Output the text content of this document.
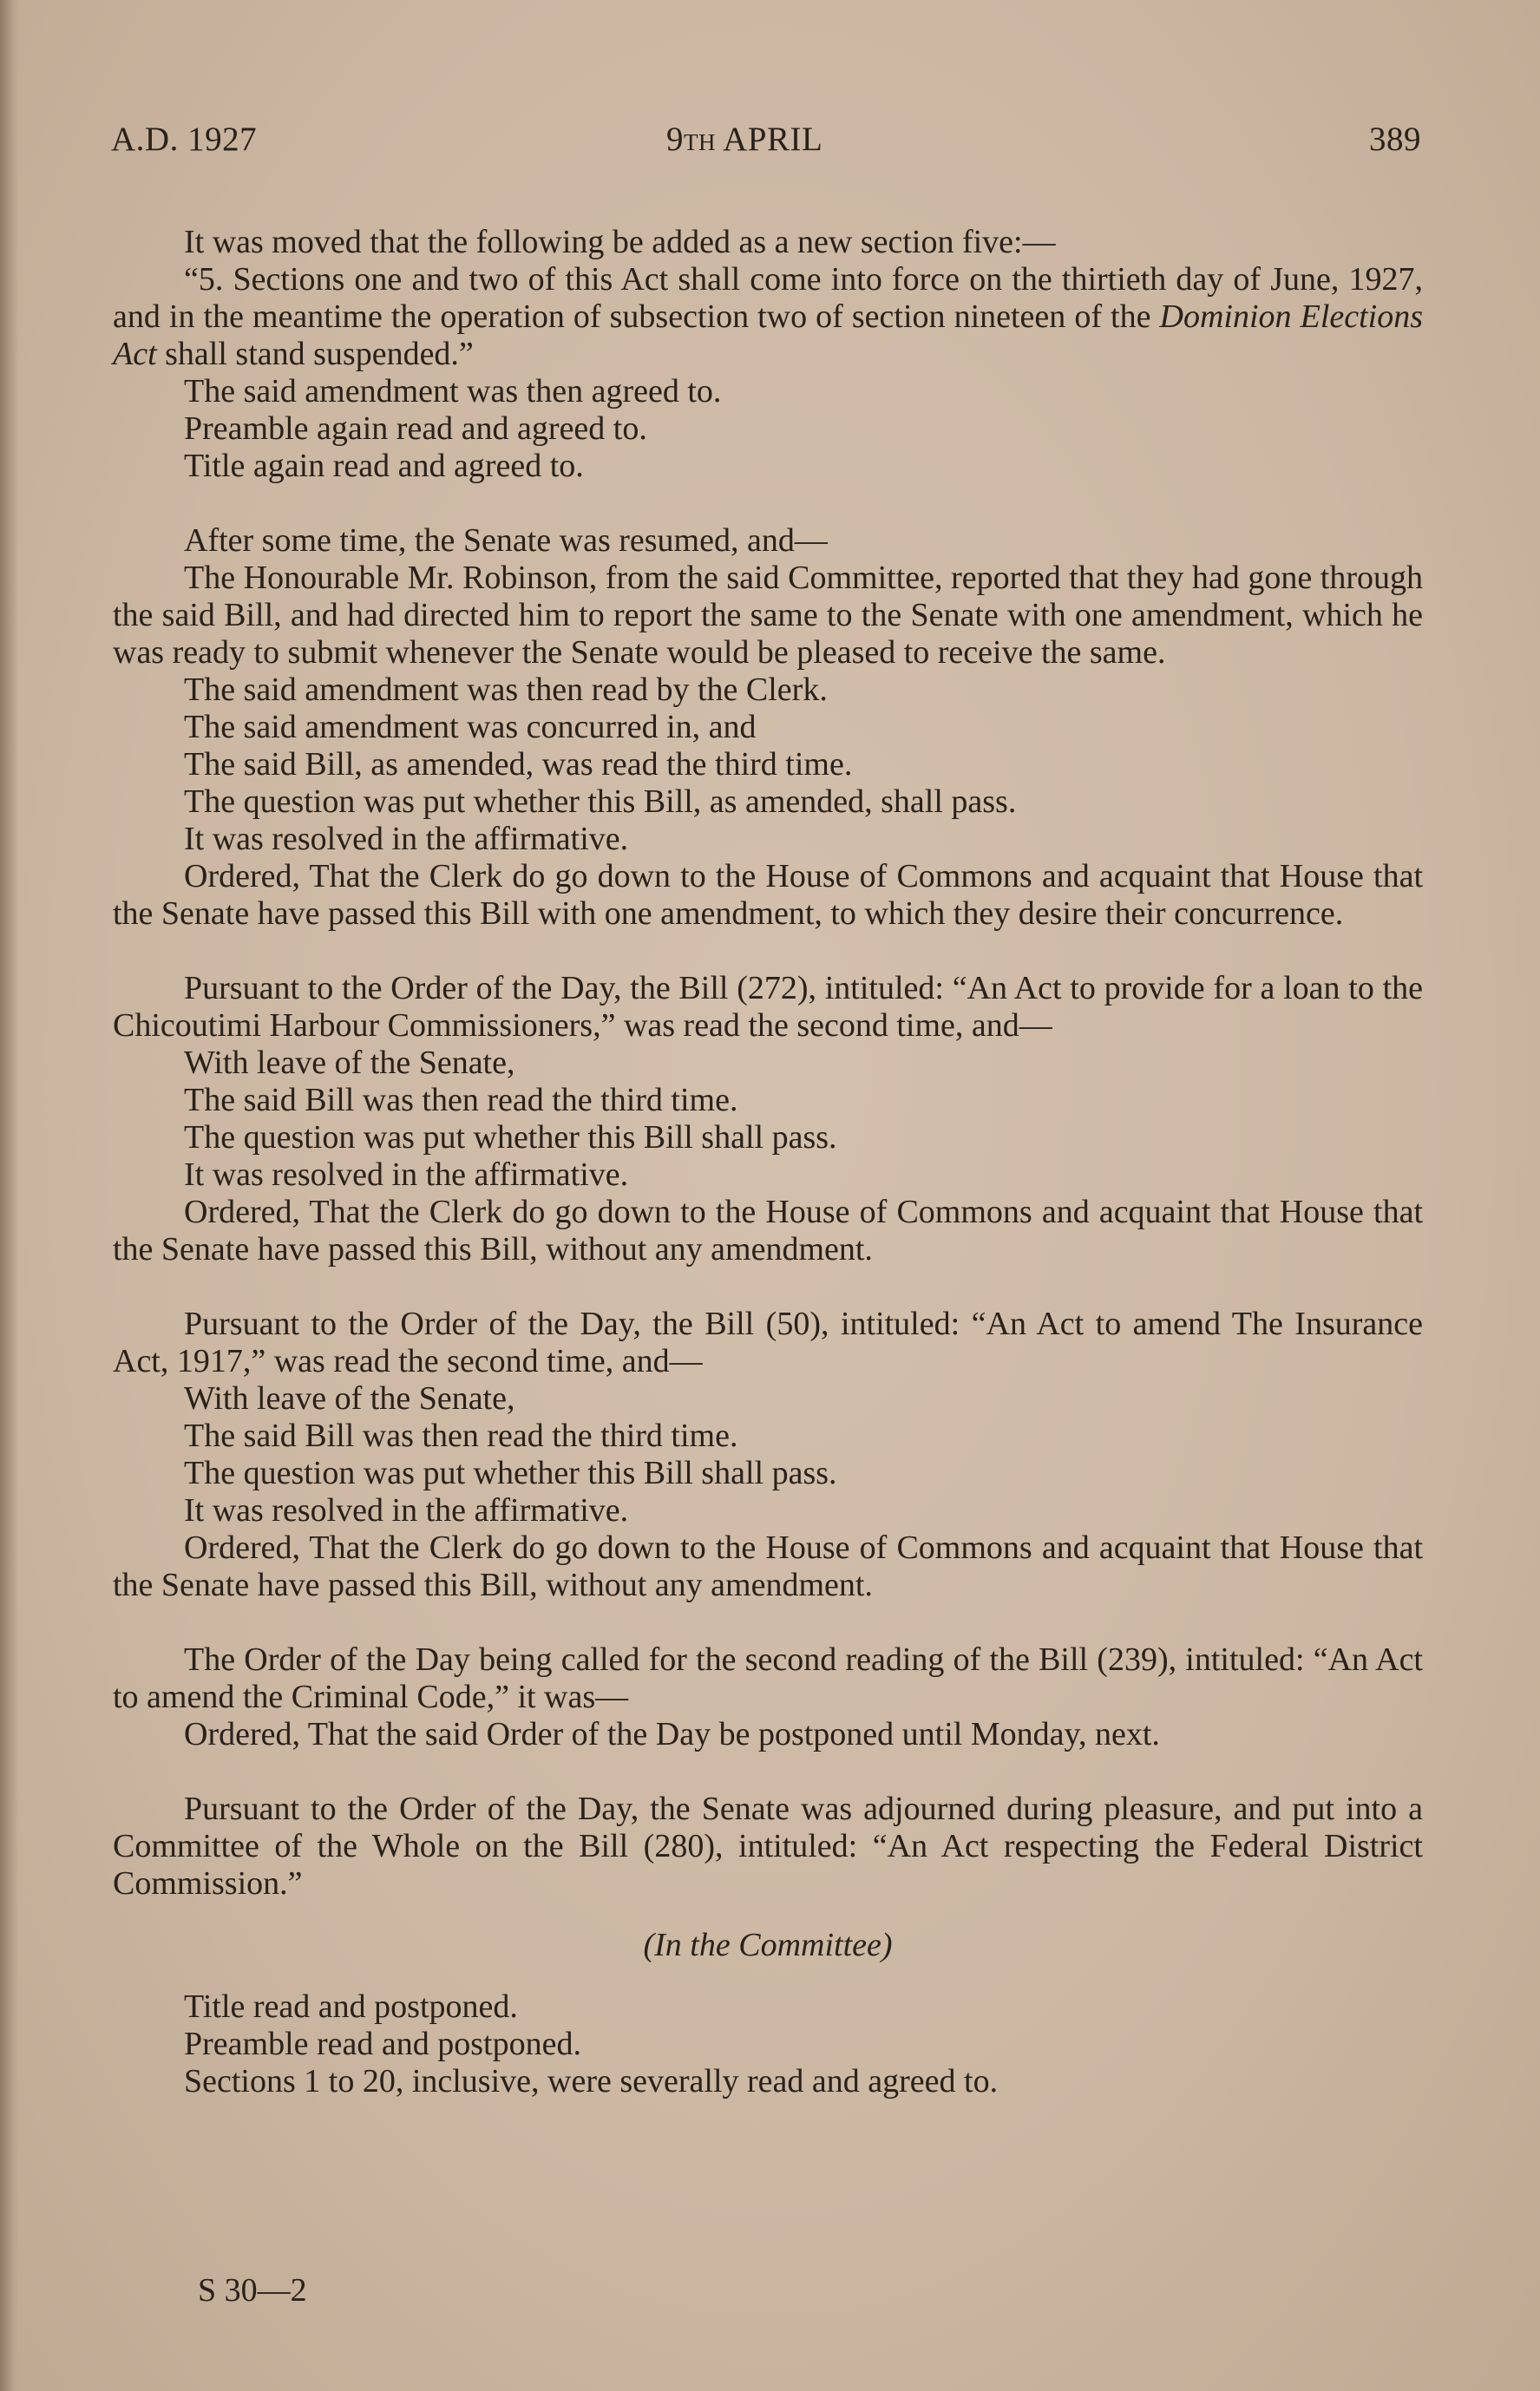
A.D. 1927	9th APRIL	389

It was moved that the following be added as a new section five:—

“5. Sections one and two of this Act shall come into force on the thirtieth day of June, 1927, and in the meantime the operation of subsection two of section nineteen of the Dominion Elections Act shall stand suspended.”

The said amendment was then agreed to.

Preamble again read and agreed to.

Title again read and agreed to.

After some time, the Senate was resumed, and—

The Honourable Mr. Robinson, from the said Committee, reported that they had gone through the said Bill, and had directed him to report the same to the Senate with one amendment, which he was ready to submit whenever the Senate would be pleased to receive the same.

The said amendment was then read by the Clerk.

The said amendment was concurred in, and

The said Bill, as amended, was read the third time.

The question was put whether this Bill, as amended, shall pass.

It was resolved in the affirmative.

Ordered, That the Clerk do go down to the House of Commons and acquaint that House that the Senate have passed this Bill with one amendment, to which they desire their concurrence.

Pursuant to the Order of the Day, the Bill (272), intituled: “An Act to provide for a loan to the Chicoutimi Harbour Commissioners,” was read the second time, and—

With leave of the Senate,

The said Bill was then read the third time.

The question was put whether this Bill shall pass.

It was resolved in the affirmative.

Ordered, That the Clerk do go down to the House of Commons and acquaint that House that the Senate have passed this Bill, without any amendment.

Pursuant to the Order of the Day, the Bill (50), intituled: “An Act to amend The Insurance Act, 1917,” was read the second time, and—

With leave of the Senate,

The said Bill was then read the third time.

The question was put whether this Bill shall pass.

It was resolved in the affirmative.

Ordered, That the Clerk do go down to the House of Commons and acquaint that House that the Senate have passed this Bill, without any amendment.

The Order of the Day being called for the second reading of the Bill (239), intituled: “An Act to amend the Criminal Code,” it was—

Ordered, That the said Order of the Day be postponed until Monday, next.

Pursuant to the Order of the Day, the Senate was adjourned during pleasure, and put into a Committee of the Whole on the Bill (280), intituled: “An Act respecting the Federal District Commission.”

(In the Committee)

Title read and postponed.

Preamble read and postponed.

Sections 1 to 20, inclusive, were severally read and agreed to.

S 30—2
